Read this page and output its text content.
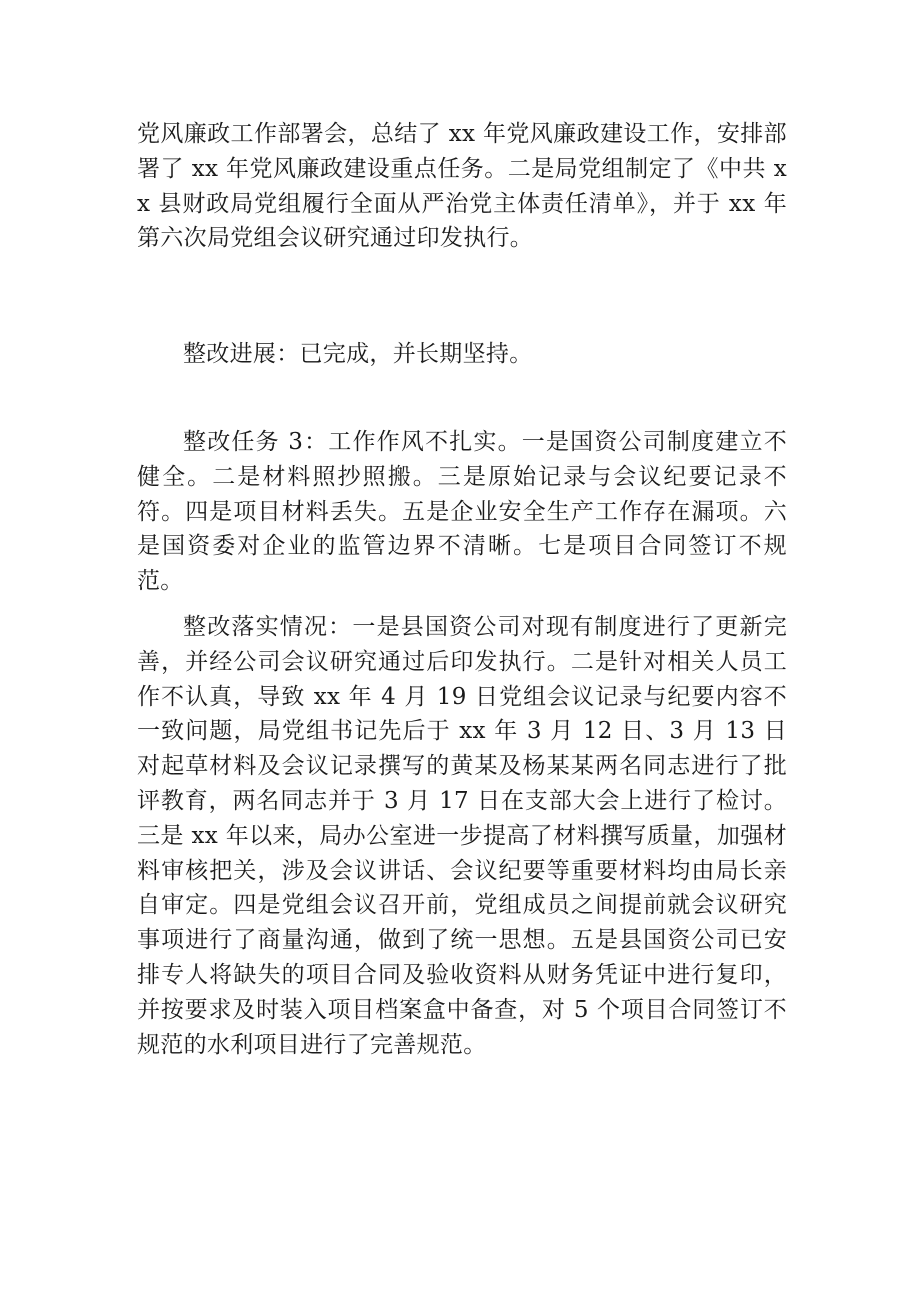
党风廉政工作部署会，总结了 xx 年党风廉政建设工作，安排部署了 xx 年党风廉政建设重点任务。二是局党组制定了《中共 xx 县财政局党组履行全面从严治党主体责任清单》，并于 xx 年第六次局党组会议研究通过印发执行。

整改进展：已完成，并长期坚持。

整改任务 3：工作作风不扎实。一是国资公司制度建立不健全。二是材料照抄照搬。三是原始记录与会议纪要记录不符。四是项目材料丢失。五是企业安全生产工作存在漏项。六是国资委对企业的监管边界不清晰。七是项目合同签订不规范。

整改落实情况：一是县国资公司对现有制度进行了更新完善，并经公司会议研究通过后印发执行。二是针对相关人员工作不认真，导致 xx 年 4 月 19 日党组会议记录与纪要内容不一致问题，局党组书记先后于 xx 年 3 月 12 日、3 月 13 日对起草材料及会议记录撰写的黄某及杨某某两名同志进行了批评教育，两名同志并于 3 月 17 日在支部大会上进行了检讨。三是 xx 年以来，局办公室进一步提高了材料撰写质量，加强材料审核把关，涉及会议讲话、会议纪要等重要材料均由局长亲自审定。四是党组会议召开前，党组成员之间提前就会议研究事项进行了商量沟通，做到了统一思想。五是县国资公司已安排专人将缺失的项目合同及验收资料从财务凭证中进行复印，并按要求及时装入项目档案盒中备查，对 5 个项目合同签订不规范的水利项目进行了完善规范。
